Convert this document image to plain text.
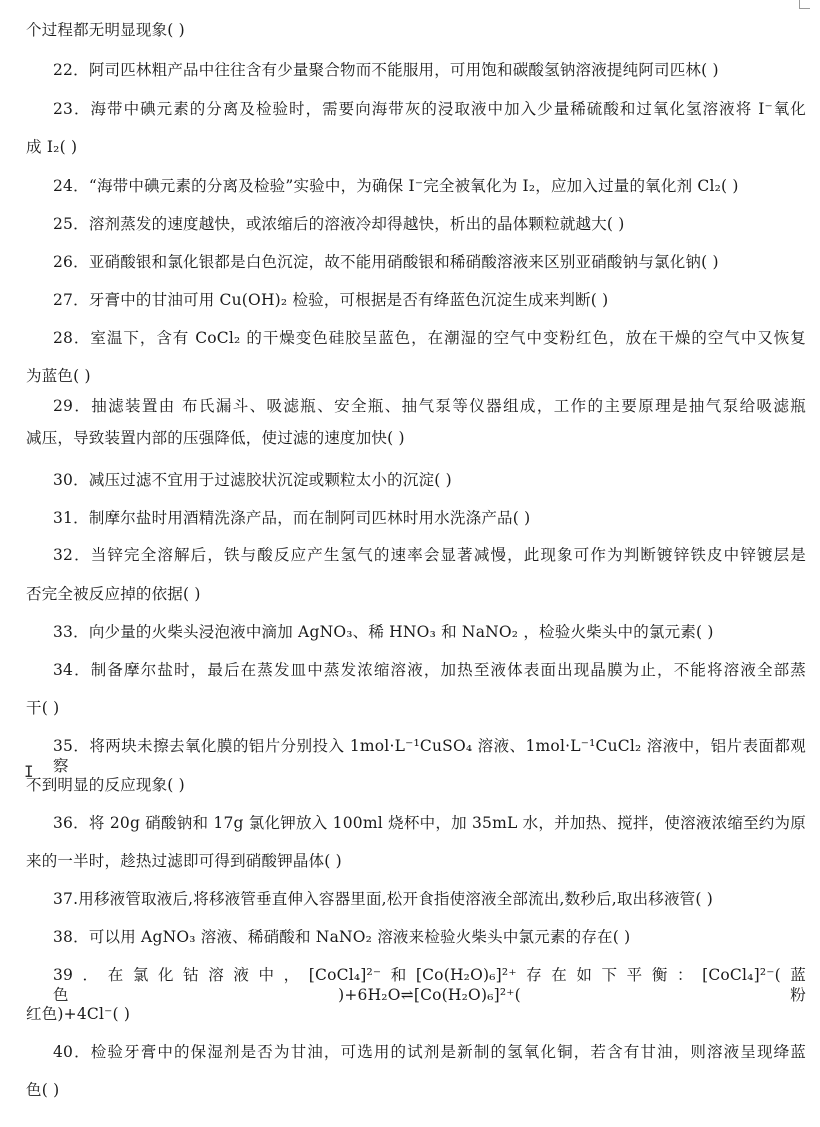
I
个过程都无明显现象( )
22．阿司匹林粗产品中往往含有少量聚合物而不能服用，可用饱和碳酸氢钠溶液提纯阿司匹林( )
23．海带中碘元素的分离及检验时，需要向海带灰的浸取液中加入少量稀硫酸和过氧化氢溶液将 I⁻氧化
成 I₂( )
24．“海带中碘元素的分离及检验”实验中，为确保 I⁻完全被氧化为 I₂，应加入过量的氧化剂 Cl₂( )
25．溶剂蒸发的速度越快，或浓缩后的溶液冷却得越快，析出的晶体颗粒就越大( )
26．亚硝酸银和氯化银都是白色沉淀，故不能用硝酸银和稀硝酸溶液来区别亚硝酸钠与氯化钠( )
27．牙膏中的甘油可用 Cu(OH)₂ 检验，可根据是否有绛蓝色沉淀生成来判断( )
28．室温下，含有 CoCl₂ 的干燥变色硅胶呈蓝色，在潮湿的空气中变粉红色，放在干燥的空气中又恢复
为蓝色( )
29．抽滤装置由 布氏漏斗、吸滤瓶、安全瓶、抽气泵等仪器组成，工作的主要原理是抽气泵给吸滤瓶
减压，导致装置内部的压强降低，使过滤的速度加快( )
30．减压过滤不宜用于过滤胶状沉淀或颗粒太小的沉淀( )
31．制摩尔盐时用酒精洗涤产品，而在制阿司匹林时用水洗涤产品( )
32．当锌完全溶解后，铁与酸反应产生氢气的速率会显著减慢，此现象可作为判断镀锌铁皮中锌镀层是
否完全被反应掉的依据( )
33．向少量的火柴头浸泡液中滴加 AgNO₃、稀 HNO₃ 和 NaNO₂ ，检验火柴头中的氯元素( )
34．制备摩尔盐时，最后在蒸发皿中蒸发浓缩溶液，加热至液体表面出现晶膜为止，不能将溶液全部蒸
干( )
35．将两块未擦去氧化膜的铝片分别投入 1mol·L⁻¹CuSO₄ 溶液、1mol·L⁻¹CuCl₂ 溶液中，铝片表面都观察
不到明显的反应现象( )
36．将 20g 硝酸钠和 17g 氯化钾放入 100ml 烧杯中，加 35mL 水，并加热、搅拌，使溶液浓缩至约为原
来的一半时，趁热过滤即可得到硝酸钾晶体( )
37.用移液管取液后,将移液管垂直伸入容器里面,松开食指使溶液全部流出,数秒后,取出移液管( )
38．可以用 AgNO₃ 溶液、稀硝酸和 NaNO₂ 溶液来检验火柴头中氯元素的存在( )
39．在氯化钴溶液中，[CoCl₄]²⁻和[Co(H₂O)₆]²⁺存在如下平衡：[CoCl₄]²⁻(蓝色)+6H₂O⇌[Co(H₂O)₆]²⁺(粉
红色)+4Cl⁻( )
40．检验牙膏中的保湿剂是否为甘油，可选用的试剂是新制的氢氧化铜，若含有甘油，则溶液呈现绛蓝
色( )
